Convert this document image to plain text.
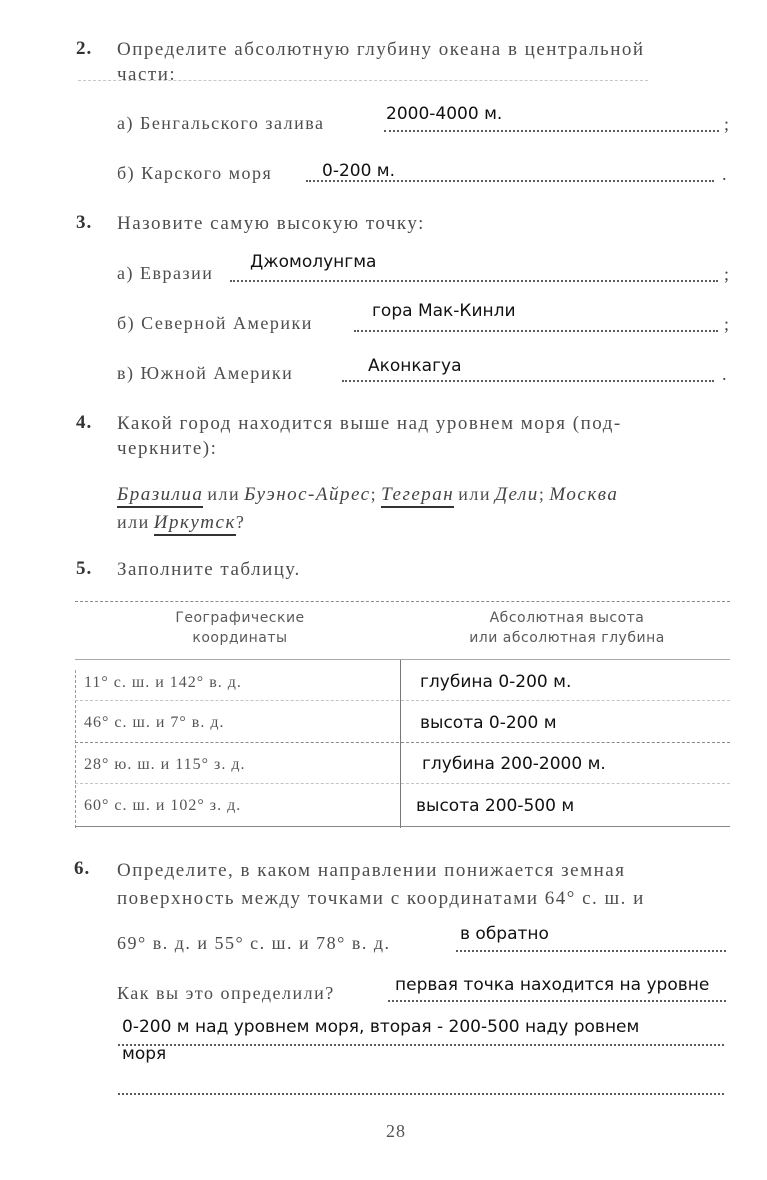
2. Определите абсолютную глубину океана в центральной
части:
а) Бенгальского залива	2000-4000 м.	;
б) Карского моря	0-200 м.	.
3. Назовите самую высокую точку:
а) Евразии
Джомолунгма
;
б) Северной Америки
гора Мак-Кинли
;
в) Южной Америки	Аконкагуа	.
4. Какой город находится выше над уровнем моря (под-
черкните):
Бразилиа или Буэнос-Айрес; Тегеран или Дели; Москва
или Иркутск?
5. Заполните таблицу.
Географические
координаты
Абсолютная высота
или абсолютная глубина
11° с. ш. и 142° в. д.	глубина 0-200 м.
46° с. ш. и 7° в. д.	высота 0-200 м
28° ю. ш. и 115° з. д.	глубина 200-2000 м.
60° с. ш. и 102° з. д.	высота 200-500 м
6. Определите, в каком направлении понижается земная
поверхность между точками с координатами 64° с. ш. и
69° в. д. и 55° с. ш. и 78° в. д.	в обратно
Как вы это определили?	первая точка находится на уровне
0-200 м над уровнем моря, вторая - 200-500 наду ровнем
моря
28
